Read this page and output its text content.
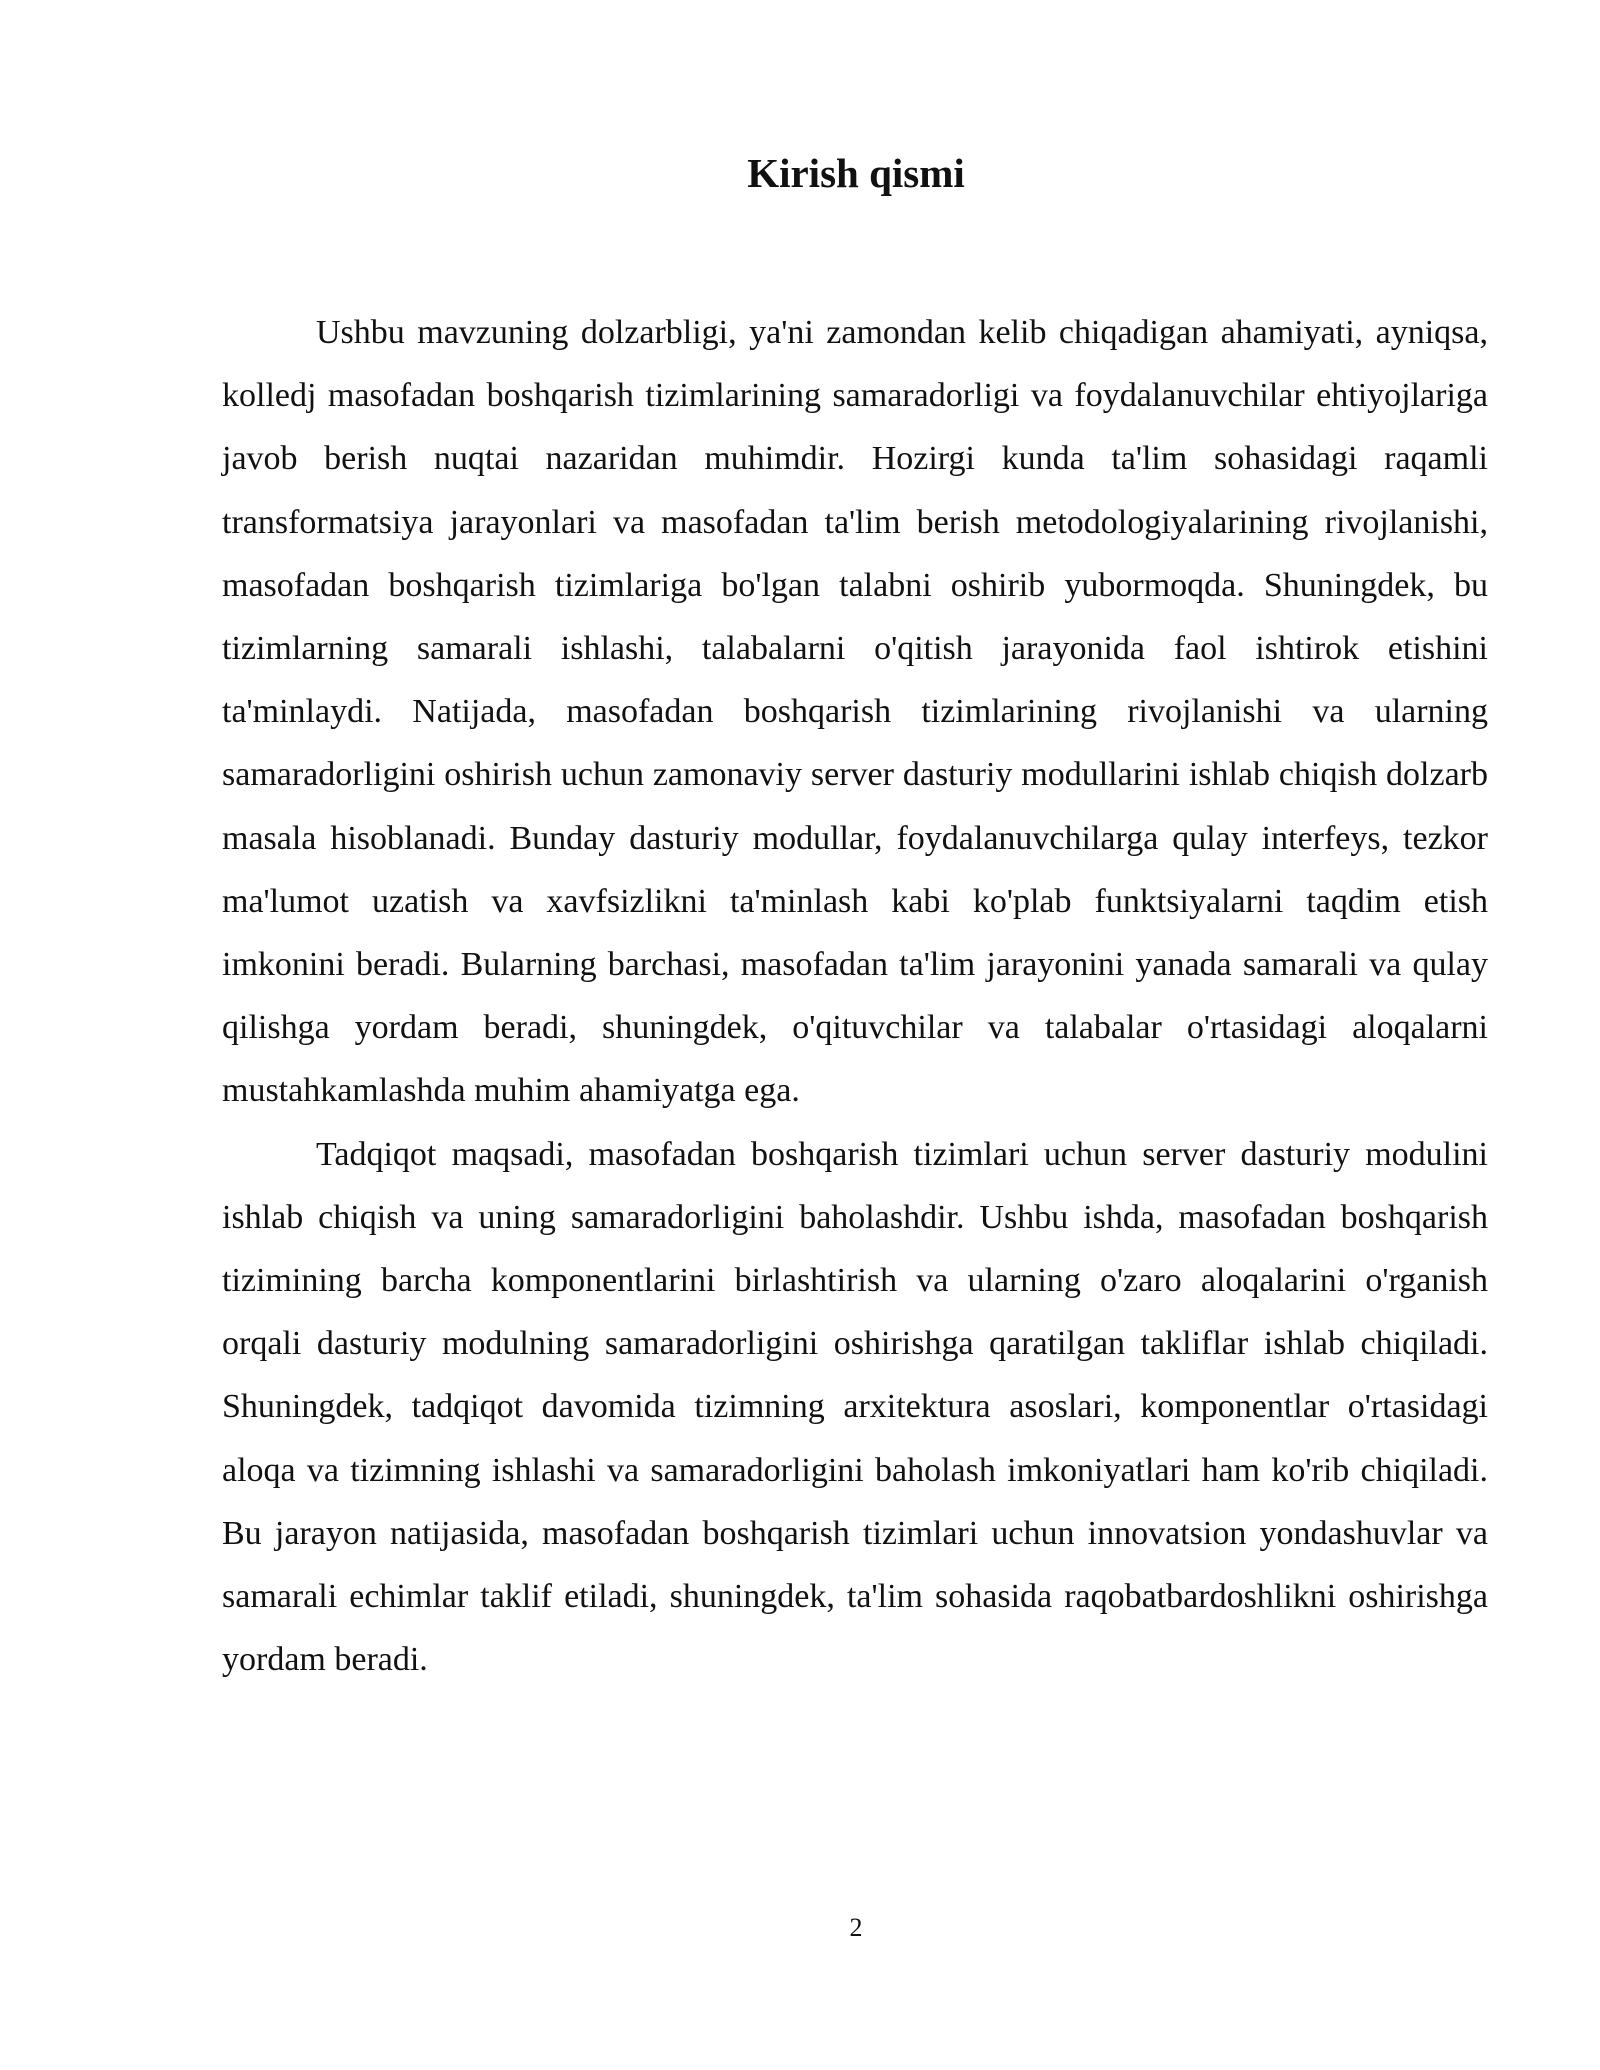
Kirish qismi

Ushbu mavzuning dolzarbligi, ya'ni zamondan kelib chiqadigan ahamiyati, ayniqsa, kolledj masofadan boshqarish tizimlarining samaradorligi va foydalanuvchilar ehtiyojlariga javob berish nuqtai nazaridan muhimdir. Hozirgi kunda ta'lim sohasidagi raqamli transformatsiya jarayonlari va masofadan ta'lim berish metodologiyalarining rivojlanishi, masofadan boshqarish tizimlariga bo'lgan talabni oshirib yubormoqda. Shuningdek, bu tizimlarning samarali ishlashi, talabalarni o'qitish jarayonida faol ishtirok etishini ta'minlaydi. Natijada, masofadan boshqarish tizimlarining rivojlanishi va ularning samaradorligini oshirish uchun zamonaviy server dasturiy modullarini ishlab chiqish dolzarb masala hisoblanadi. Bunday dasturiy modullar, foydalanuvchilarga qulay interfeys, tezkor ma'lumot uzatish va xavfsizlikni ta'minlash kabi ko'plab funktsiyalarni taqdim etish imkonini beradi. Bularning barchasi, masofadan ta'lim jarayonini yanada samarali va qulay qilishga yordam beradi, shuningdek, o'qituvchilar va talabalar o'rtasidagi aloqalarni mustahkamlashda muhim ahamiyatga ega.

Tadqiqot maqsadi, masofadan boshqarish tizimlari uchun server dasturiy modulini ishlab chiqish va uning samaradorligini baholashdir. Ushbu ishda, masofadan boshqarish tizimining barcha komponentlarini birlashtirish va ularning o'zaro aloqalarini o'rganish orqali dasturiy modulning samaradorligini oshirishga qaratilgan takliflar ishlab chiqiladi. Shuningdek, tadqiqot davomida tizimning arxitektura asoslari, komponentlar o'rtasidagi aloqa va tizimning ishlashi va samaradorligini baholash imkoniyatlari ham ko'rib chiqiladi. Bu jarayon natijasida, masofadan boshqarish tizimlari uchun innovatsion yondashuvlar va samarali echimlar taklif etiladi, shuningdek, ta'lim sohasida raqobatbardoshlikni oshirishga yordam beradi.

2
